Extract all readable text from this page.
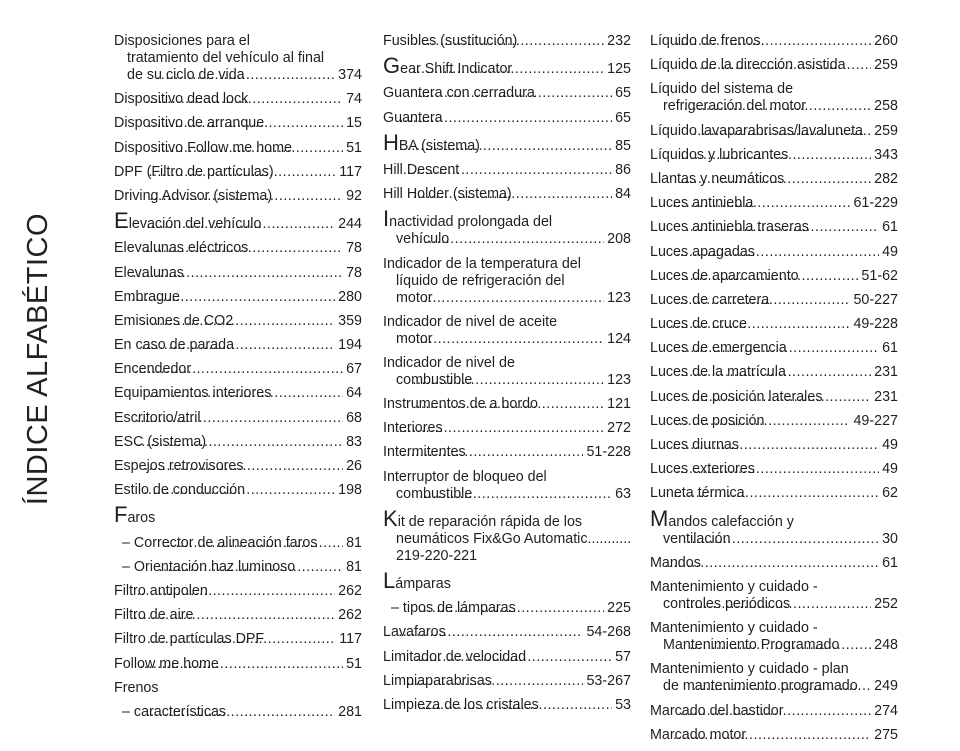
ÍNDICE ALFABÉTICO
Disposiciones para el
tratamiento del vehículo al final
de su ciclo de vida .....	374
Dispositivo dead lock .....	74
Dispositivo de arranque .....	15
Dispositivo Follow me home .....	51
DPF (Filtro de partículas) .....	117
Driving Advisor (sistema) .....	92
Elevación del vehículo .....	244
Elevalunas eléctricos .....	78
Elevalunas .....	78
Embrague .....	280
Emisiones de CO2 .....	359
En caso de parada .....	194
Encendedor .....	67
Equipamientos interiores .....	64
Escritorio/atril .....	68
ESC (sistema) .....	83
Espejos retrovisores .....	26
Estilo de conducción .....	198
Faros
– Corrector de alineación faros ..... 81
– Orientación haz luminoso .....	81
Filtro antipolen .....	262
Filtro de aire .....	262
Filtro de partículas DPF .....	117
Follow me home .....	51
Frenos
– características .....	281
Fusibles (sustitución) .....	232
Gear Shift Indicator .....	125
Guantera con cerradura .....	65
Guantera .....	65
HBA (sistema) .....	85
Hill Descent .....	86
Hill Holder (sistema) .....	84
Inactividad prolongada del
vehículo .....	208
Indicador de la temperatura del
líquido de refrigeración del
motor .....	123
Indicador de nivel de aceite
motor .....	124
Indicador de nivel de
combustible .....	123
Instrumentos de a bordo .....	121
Interiores .....	272
Intermitentes .....	51-228
Interruptor de bloqueo del
combustible .....	63
Kit de reparación rápida de los
neumáticos Fix&Go Automatic...........
219-220-221
Lámparas
– tipos de lámparas .....	225
Lavafaros .....	54-268
Limitador de velocidad .....	57
Limpiaparabrisas .....	53-267
Limpieza de los cristales .....	53
Líquido de frenos .....	260
Líquido de la dirección asistida ..... 259
Líquido del sistema de
refrigeración del motor .....	258
Líquido lavaparabrisas/lavaluneta ..... 259
Líquidos y lubricantes .....	343
Llantas y neumáticos .....	282
Luces antiniebla .....	61-229
Luces antiniebla traseras .....	61
Luces apagadas .....	49
Luces de aparcamiento .....	51-62
Luces de carretera .....	50-227
Luces de cruce .....	49-228
Luces de emergencia .....	61
Luces de la matrícula .....	231
Luces de posición laterales .....	231
Luces de posición .....	49-227
Luces diurnas .....	49
Luces exteriores .....	49
Luneta térmica .....	62
Mandos calefacción y
ventilación .....	30
Mandos .....	61
Mantenimiento y cuidado -
controles periódicos .....	252
Mantenimiento y cuidado -
Mantenimiento Programado ..... 248
Mantenimiento y cuidado - plan
de mantenimiento programado ..... 249
Marcado del bastidor .....	274
Marcado motor .....	275
